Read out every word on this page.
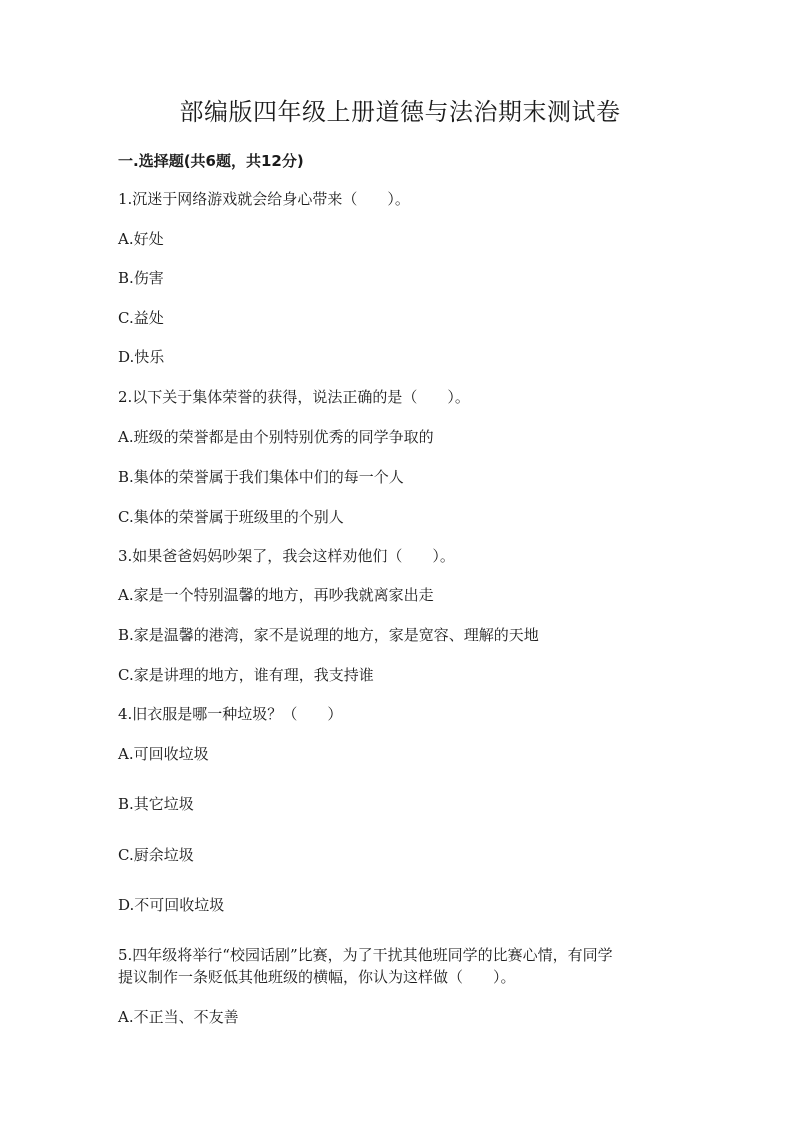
部编版四年级上册道德与法治期末测试卷
一.选择题(共6题，共12分)
1.沉迷于网络游戏就会给身心带来（　　）。
A.好处
B.伤害
C.益处
D.快乐
2.以下关于集体荣誉的获得，说法正确的是（　　）。
A.班级的荣誉都是由个别特别优秀的同学争取的
B.集体的荣誉属于我们集体中们的每一个人
C.集体的荣誉属于班级里的个别人
3.如果爸爸妈妈吵架了，我会这样劝他们（　　）。
A.家是一个特别温馨的地方，再吵我就离家出走
B.家是温馨的港湾，家不是说理的地方，家是宽容、理解的天地
C.家是讲理的地方，谁有理，我支持谁
4.旧衣服是哪一种垃圾？（　　）
A.可回收垃圾
B.其它垃圾
C.厨余垃圾
D.不可回收垃圾
5.四年级将举行“校园话剧”比赛，为了干扰其他班同学的比赛心情，有同学
提议制作一条贬低其他班级的横幅，你认为这样做（　　）。
A.不正当、不友善
